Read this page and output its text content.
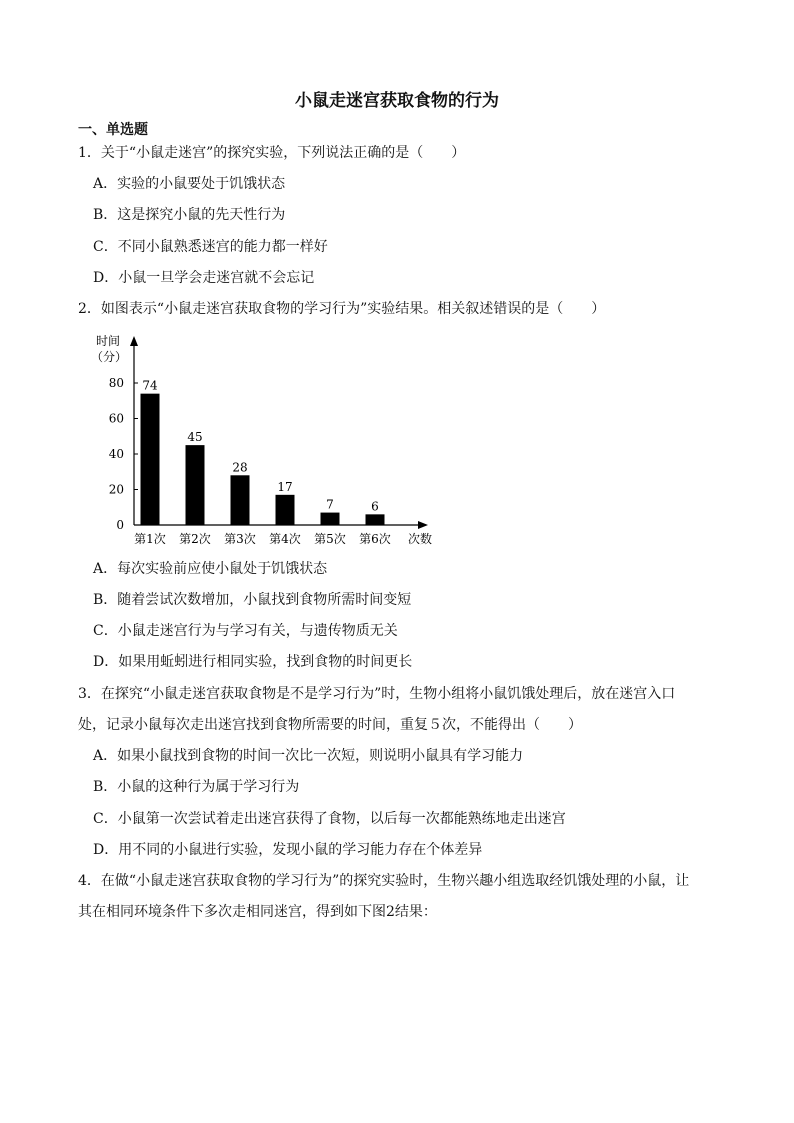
小鼠走迷宫获取食物的行为
一、单选题
1．关于“小鼠走迷宫”的探究实验，下列说法正确的是（　　）
A．实验的小鼠要处于饥饿状态
B．这是探究小鼠的先天性行为
C．不同小鼠熟悉迷宫的能力都一样好
D．小鼠一旦学会走迷宫就不会忘记
2．如图表示“小鼠走迷宫获取食物的学习行为”实验结果。相关叙述错误的是（　　）
时间
（分）
0
20
40
60
80
第1次 第2次 第3次 第4次 第5次 第6次
74
45
28
17
7	6
次数
A．每次实验前应使小鼠处于饥饿状态
B．随着尝试次数增加，小鼠找到食物所需时间变短
C．小鼠走迷宫行为与学习有关，与遗传物质无关
D．如果用蚯蚓进行相同实验，找到食物的时间更长
3．在探究“小鼠走迷宫获取食物是不是学习行为”时，生物小组将小鼠饥饿处理后，放在迷宫入口
处，记录小鼠每次走出迷宫找到食物所需要的时间，重复５次，不能得出（　　）
A．如果小鼠找到食物的时间一次比一次短，则说明小鼠具有学习能力
B．小鼠的这种行为属于学习行为
C．小鼠第一次尝试着走出迷宫获得了食物，以后每一次都能熟练地走出迷宫
D．用不同的小鼠进行实验，发现小鼠的学习能力存在个体差异
4．在做“小鼠走迷宫获取食物的学习行为”的探究实验时，生物兴趣小组选取经饥饿处理的小鼠，让
其在相同环境条件下多次走相同迷宫，得到如下图2结果：
